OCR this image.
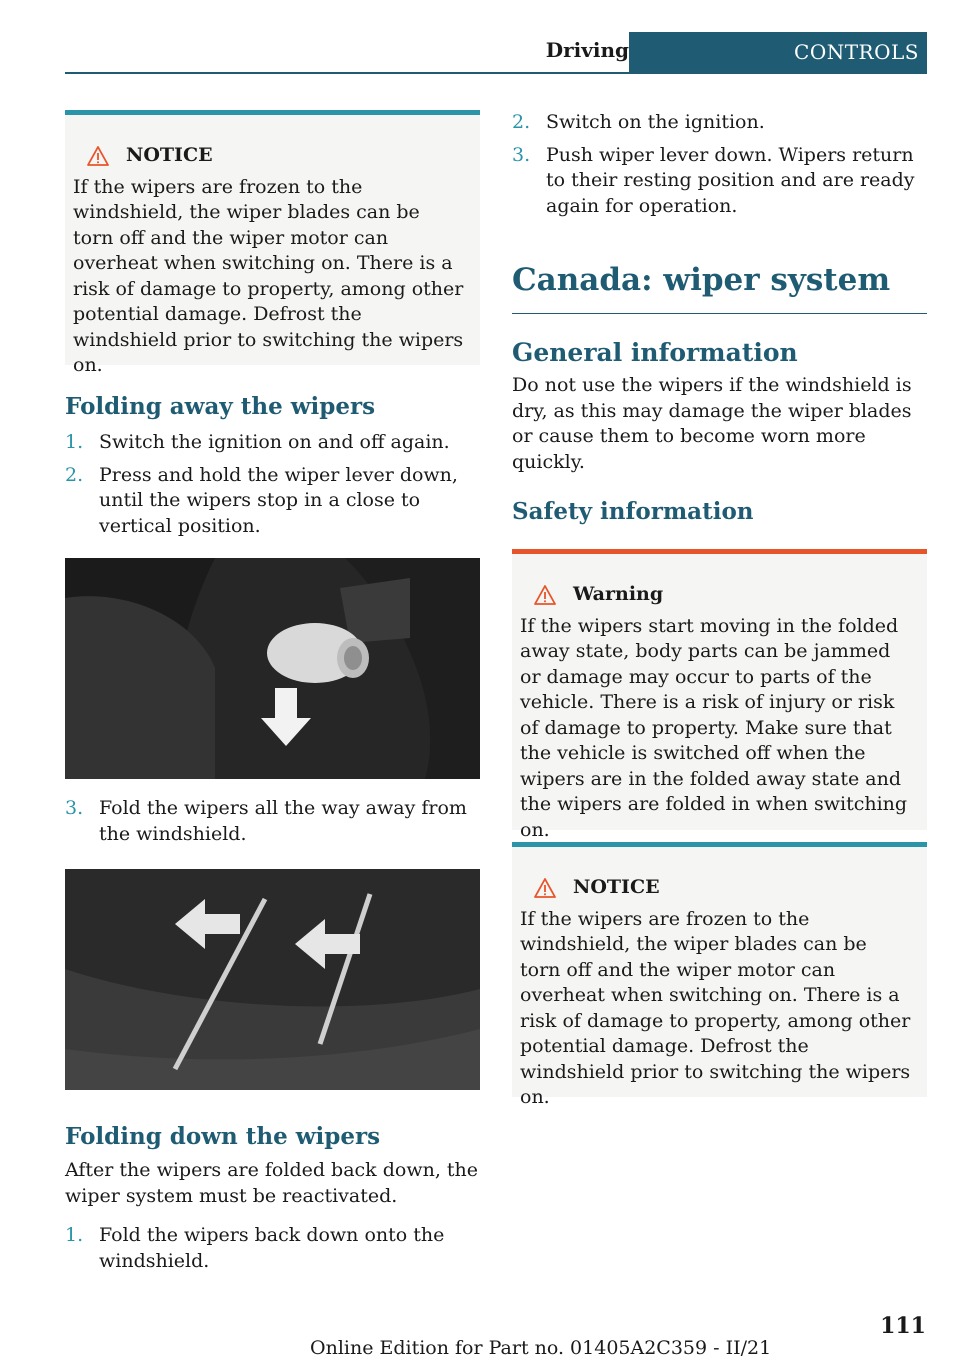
Driving	CONTROLS
NOTICE

If the wipers are frozen to the windshield, the wiper blades can be torn off and the wiper motor can overheat when switching on. There is a risk of damage to property, among other potential damage. Defrost the windshield prior to switching the wipers on.

Folding away the wipers
1. Switch the ignition on and off again.
2. Press and hold the wiper lever down, until the wipers stop in a close to vertical position.
3. Fold the wipers all the way away from the windshield.
Folding down the wipers

After the wipers are folded back down, the wiper system must be reactivated.

1. Fold the wipers back down onto the windshield.
2. Switch on the ignition.
3. Push wiper lever down. Wipers return to their resting position and are ready again for operation.
Canada: wiper system
General information

Do not use the wipers if the windshield is dry, as this may damage the wiper blades or cause them to become worn more quickly.

Safety information
Warning

If the wipers start moving in the folded away state, body parts can be jammed or damage may occur to parts of the vehicle. There is a risk of injury or risk of damage to property. Make sure that the vehicle is switched off when the wipers are in the folded away state and the wipers are folded in when switching on.

NOTICE

If the wipers are frozen to the windshield, the wiper blades can be torn off and the wiper motor can overheat when switching on. There is a risk of damage to property, among other potential damage. Defrost the windshield prior to switching the wipers on.

111
Online Edition for Part no. 01405A2C359 - II/21
